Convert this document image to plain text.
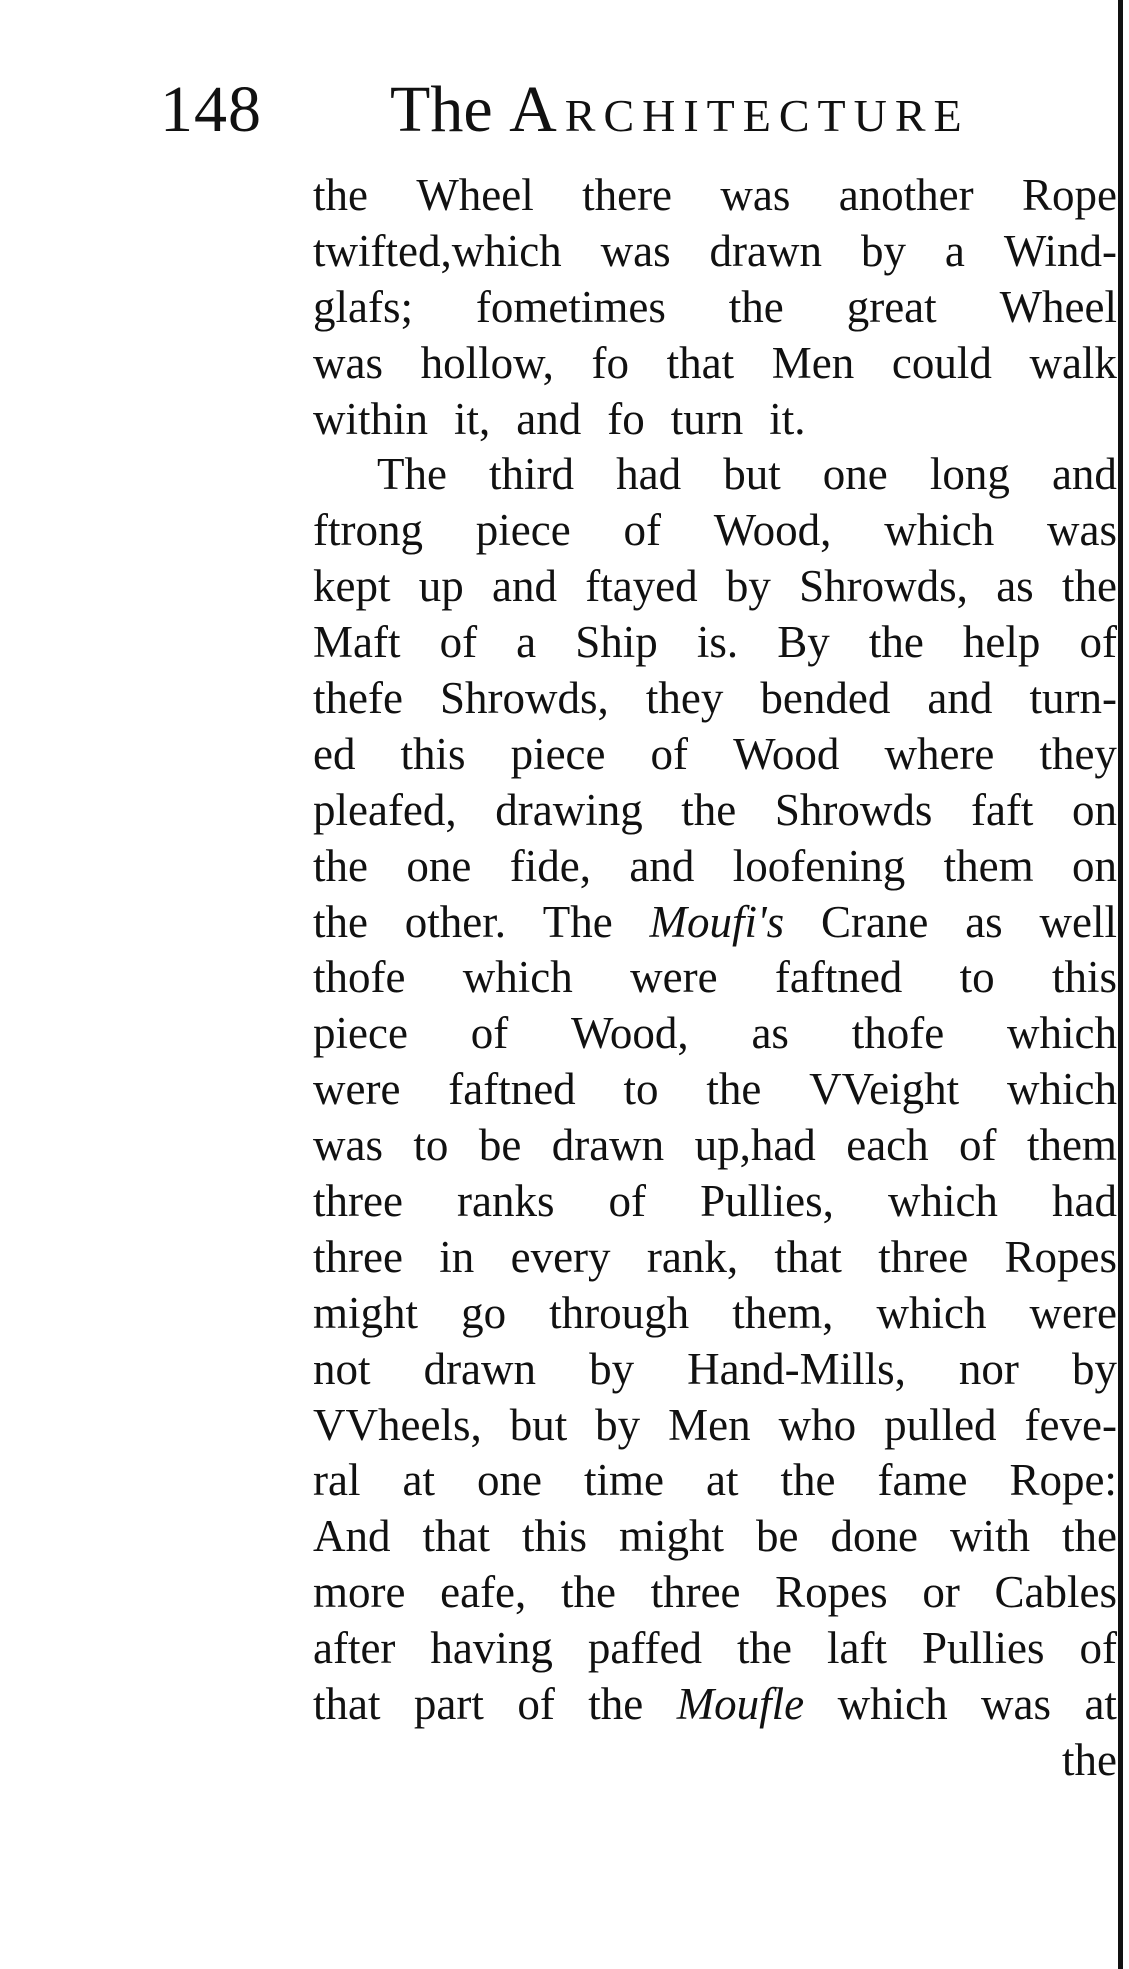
148 The Architecture
the Wheel there was another Rope
twifted,which was drawn by a Wind-
glafs; fometimes the great Wheel
was hollow, fo that Men could walk
within it, and fo turn it.
The third had but one long and
ftrong piece of Wood, which was
kept up and ftayed by Shrowds, as the
Maft of a Ship is. By the help of
thefe Shrowds, they bended and turn-
ed this piece of Wood where they
pleafed, drawing the Shrowds faft on
the one fide, and loofening them on
the other. The Moufi's Crane as well
thofe which were faftned to this
piece of Wood, as thofe which
were faftned to the VVeight which
was to be drawn up,had each of them
three ranks of Pullies, which had
three in every rank, that three Ropes
might go through them, which were
not drawn by Hand-Mills, nor by
VVheels, but by Men who pulled feve-
ral at one time at the fame Rope:
And that this might be done with the
more eafe, the three Ropes or Cables
after having paffed the laft Pullies of
that part of the Moufle which was at
the
